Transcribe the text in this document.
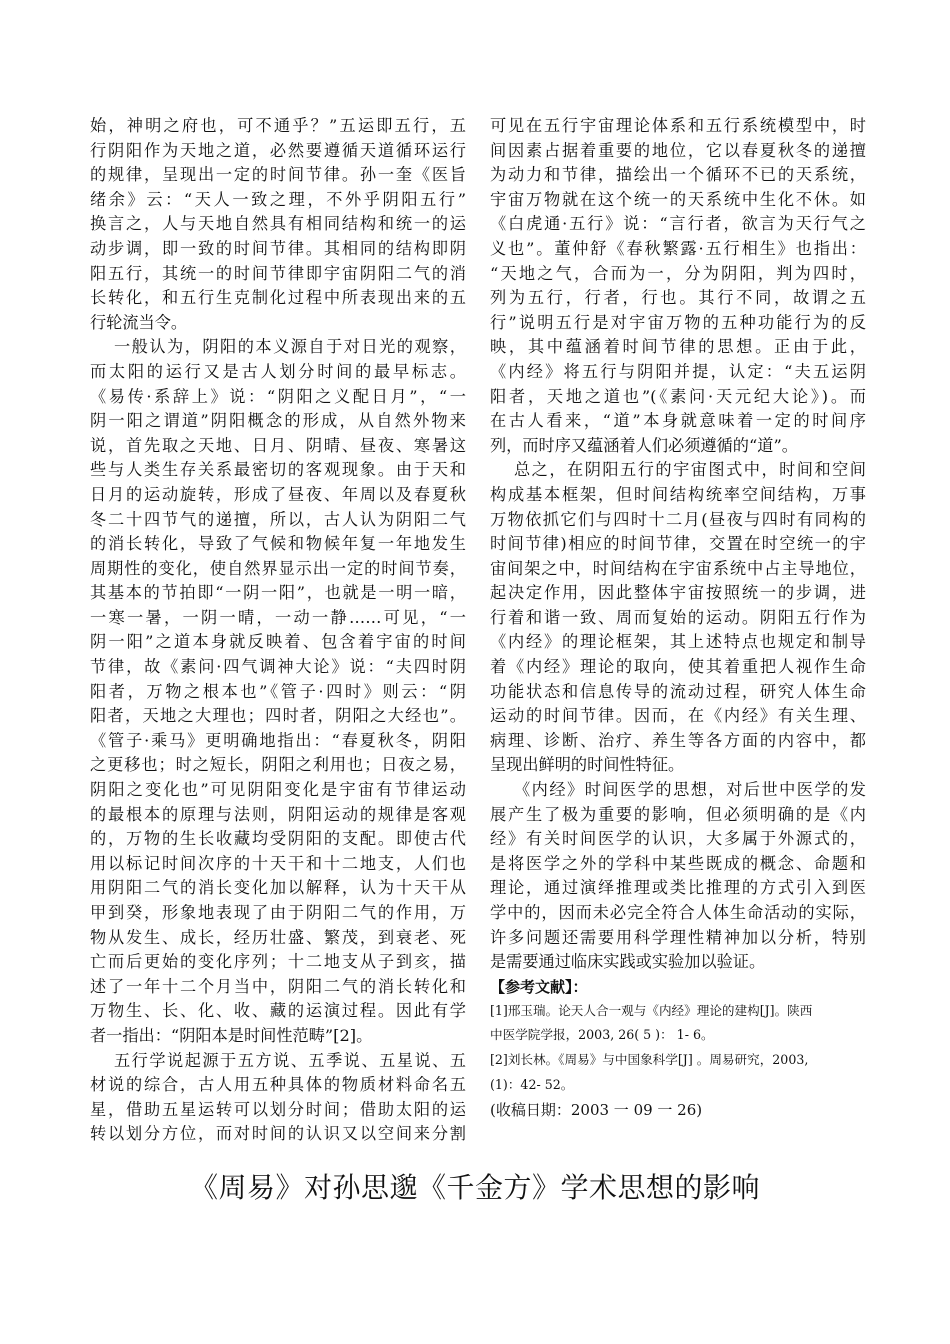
始，神明之府也，可不通乎？”五运即五行，五
行阴阳作为天地之道，必然要遵循天道循环运行
的规律，呈现出一定的时间节律。孙一奎《医旨
绪余》云：“天人一致之理，不外乎阴阳五行”
换言之，人与天地自然具有相同结构和统一的运
动步调，即一致的时间节律。其相同的结构即阴
阳五行，其统一的时间节律即宇宙阴阳二气的消
长转化，和五行生克制化过程中所表现出来的五
行轮流当令。
一般认为，阴阳的本义源自于对日光的观察，
而太阳的运行又是古人划分时间的最早标志。
《易传·系辞上》说：“阴阳之义配日月”，“一
阴一阳之谓道”阴阳概念的形成，从自然外物来
说，首先取之天地、日月、阴晴、昼夜、寒暑这
些与人类生存关系最密切的客观现象。由于天和
日月的运动旋转，形成了昼夜、年周以及春夏秋
冬二十四节气的递擅，所以，古人认为阴阳二气
的消长转化，导致了气候和物候年复一年地发生
周期性的变化，使自然界显示出一定的时间节奏，
其基本的节拍即“一阴一阳”，也就是一明一暗，
一寒一暑，一阴一晴，一动一静……可见，“一
阴一阳”之道本身就反映着、包含着宇宙的时间
节律，故《素问·四气调神大论》说：“夫四时阴
阳者，万物之根本也”《管子·四时》则云：“阴
阳者，天地之大理也；四时者，阴阳之大经也”。
《管子·乘马》更明确地指出：“春夏秋冬，阴阳
之更移也；时之短长，阴阳之利用也；日夜之易，
阴阳之变化也”可见阴阳变化是宇宙有节律运动
的最根本的原理与法则，阴阳运动的规律是客观
的，万物的生长收藏均受阴阳的支配。即使古代
用以标记时间次序的十天干和十二地支，人们也
用阴阳二气的消长变化加以解释，认为十天干从
甲到癸，形象地表现了由于阴阳二气的作用，万
物从发生、成长，经历壮盛、繁茂，到衰老、死
亡而后更始的变化序列；十二地支从子到亥，描
述了一年十二个月当中，阴阳二气的消长转化和
万物生、长、化、收、藏的运演过程。因此有学
者一指出：“阴阳本是时间性范畴”[2]。
五行学说起源于五方说、五季说、五星说、五
材说的综合，古人用五种具体的物质材料命名五
星，借助五星运转可以划分时间；借助太阳的运
转以划分方位，而对时间的认识又以空间来分割
可见在五行宇宙理论体系和五行系统模型中，时
间因素占据着重要的地位，它以春夏秋冬的递擅
为动力和节律，描绘出一个循环不已的天系统，
宇宙万物就在这个统一的天系统中生化不休。如
《白虎通·五行》说：“言行者，欲言为天行气之
义也”。董仲舒《春秋繁露·五行相生》也指出：
“天地之气，合而为一，分为阴阳，判为四时，
列为五行，行者，行也。其行不同，故谓之五
行”说明五行是对宇宙万物的五种功能行为的反
映，其中蕴涵着时间节律的思想。正由于此，
《内经》将五行与阴阳并提，认定：“夫五运阴
阳者，天地之道也”(《素问·天元纪大论》)。而
在古人看来，“道”本身就意味着一定的时间序
列，而时序又蕴涵着人们必须遵循的“道”。
总之，在阴阳五行的宇宙图式中，时间和空间
构成基本框架，但时间结构统率空间结构，万事
万物依抓它们与四时十二月(昼夜与四时有同构的
时间节律)相应的时间节律，交置在时空统一的宇
宙间架之中，时间结构在宇宙系统中占主导地位，
起决定作用，因此整体宇宙按照统一的步调，进
行着和谐一致、周而复始的运动。阴阳五行作为
《内经》的理论框架，其上述特点也规定和制导
着《内经》理论的取向，使其着重把人视作生命
功能状态和信息传导的流动过程，研究人体生命
运动的时间节律。因而，在《内经》有关生理、
病理、诊断、治疗、养生等各方面的内容中，都
呈现出鲜明的时间性特征。
《内经》时间医学的思想，对后世中医学的发
展产生了极为重要的影响，但必须明确的是《内
经》有关时间医学的认识，大多属于外源式的，
是将医学之外的学科中某些既成的概念、命题和
理论，通过演绎推理或类比推理的方式引入到医
学中的，因而未必完全符合人体生命活动的实际，
许多问题还需要用科学理性精神加以分析，特别
是需要通过临床实践或实验加以验证。
【参考文献】：
[1]邢玉瑞。论天人合一观与《内经》理论的建构[J]。陕西
中医学院学报，2003, 26( 5 )： 1- 6。
[2]刘长林。《周易》与中国象科学[J] 。周易研究，2003,
(1)：42- 52。
(收稿日期：2003 一 09 一 26)
《周易》对孙思邈《千金方》学术思想的影响
